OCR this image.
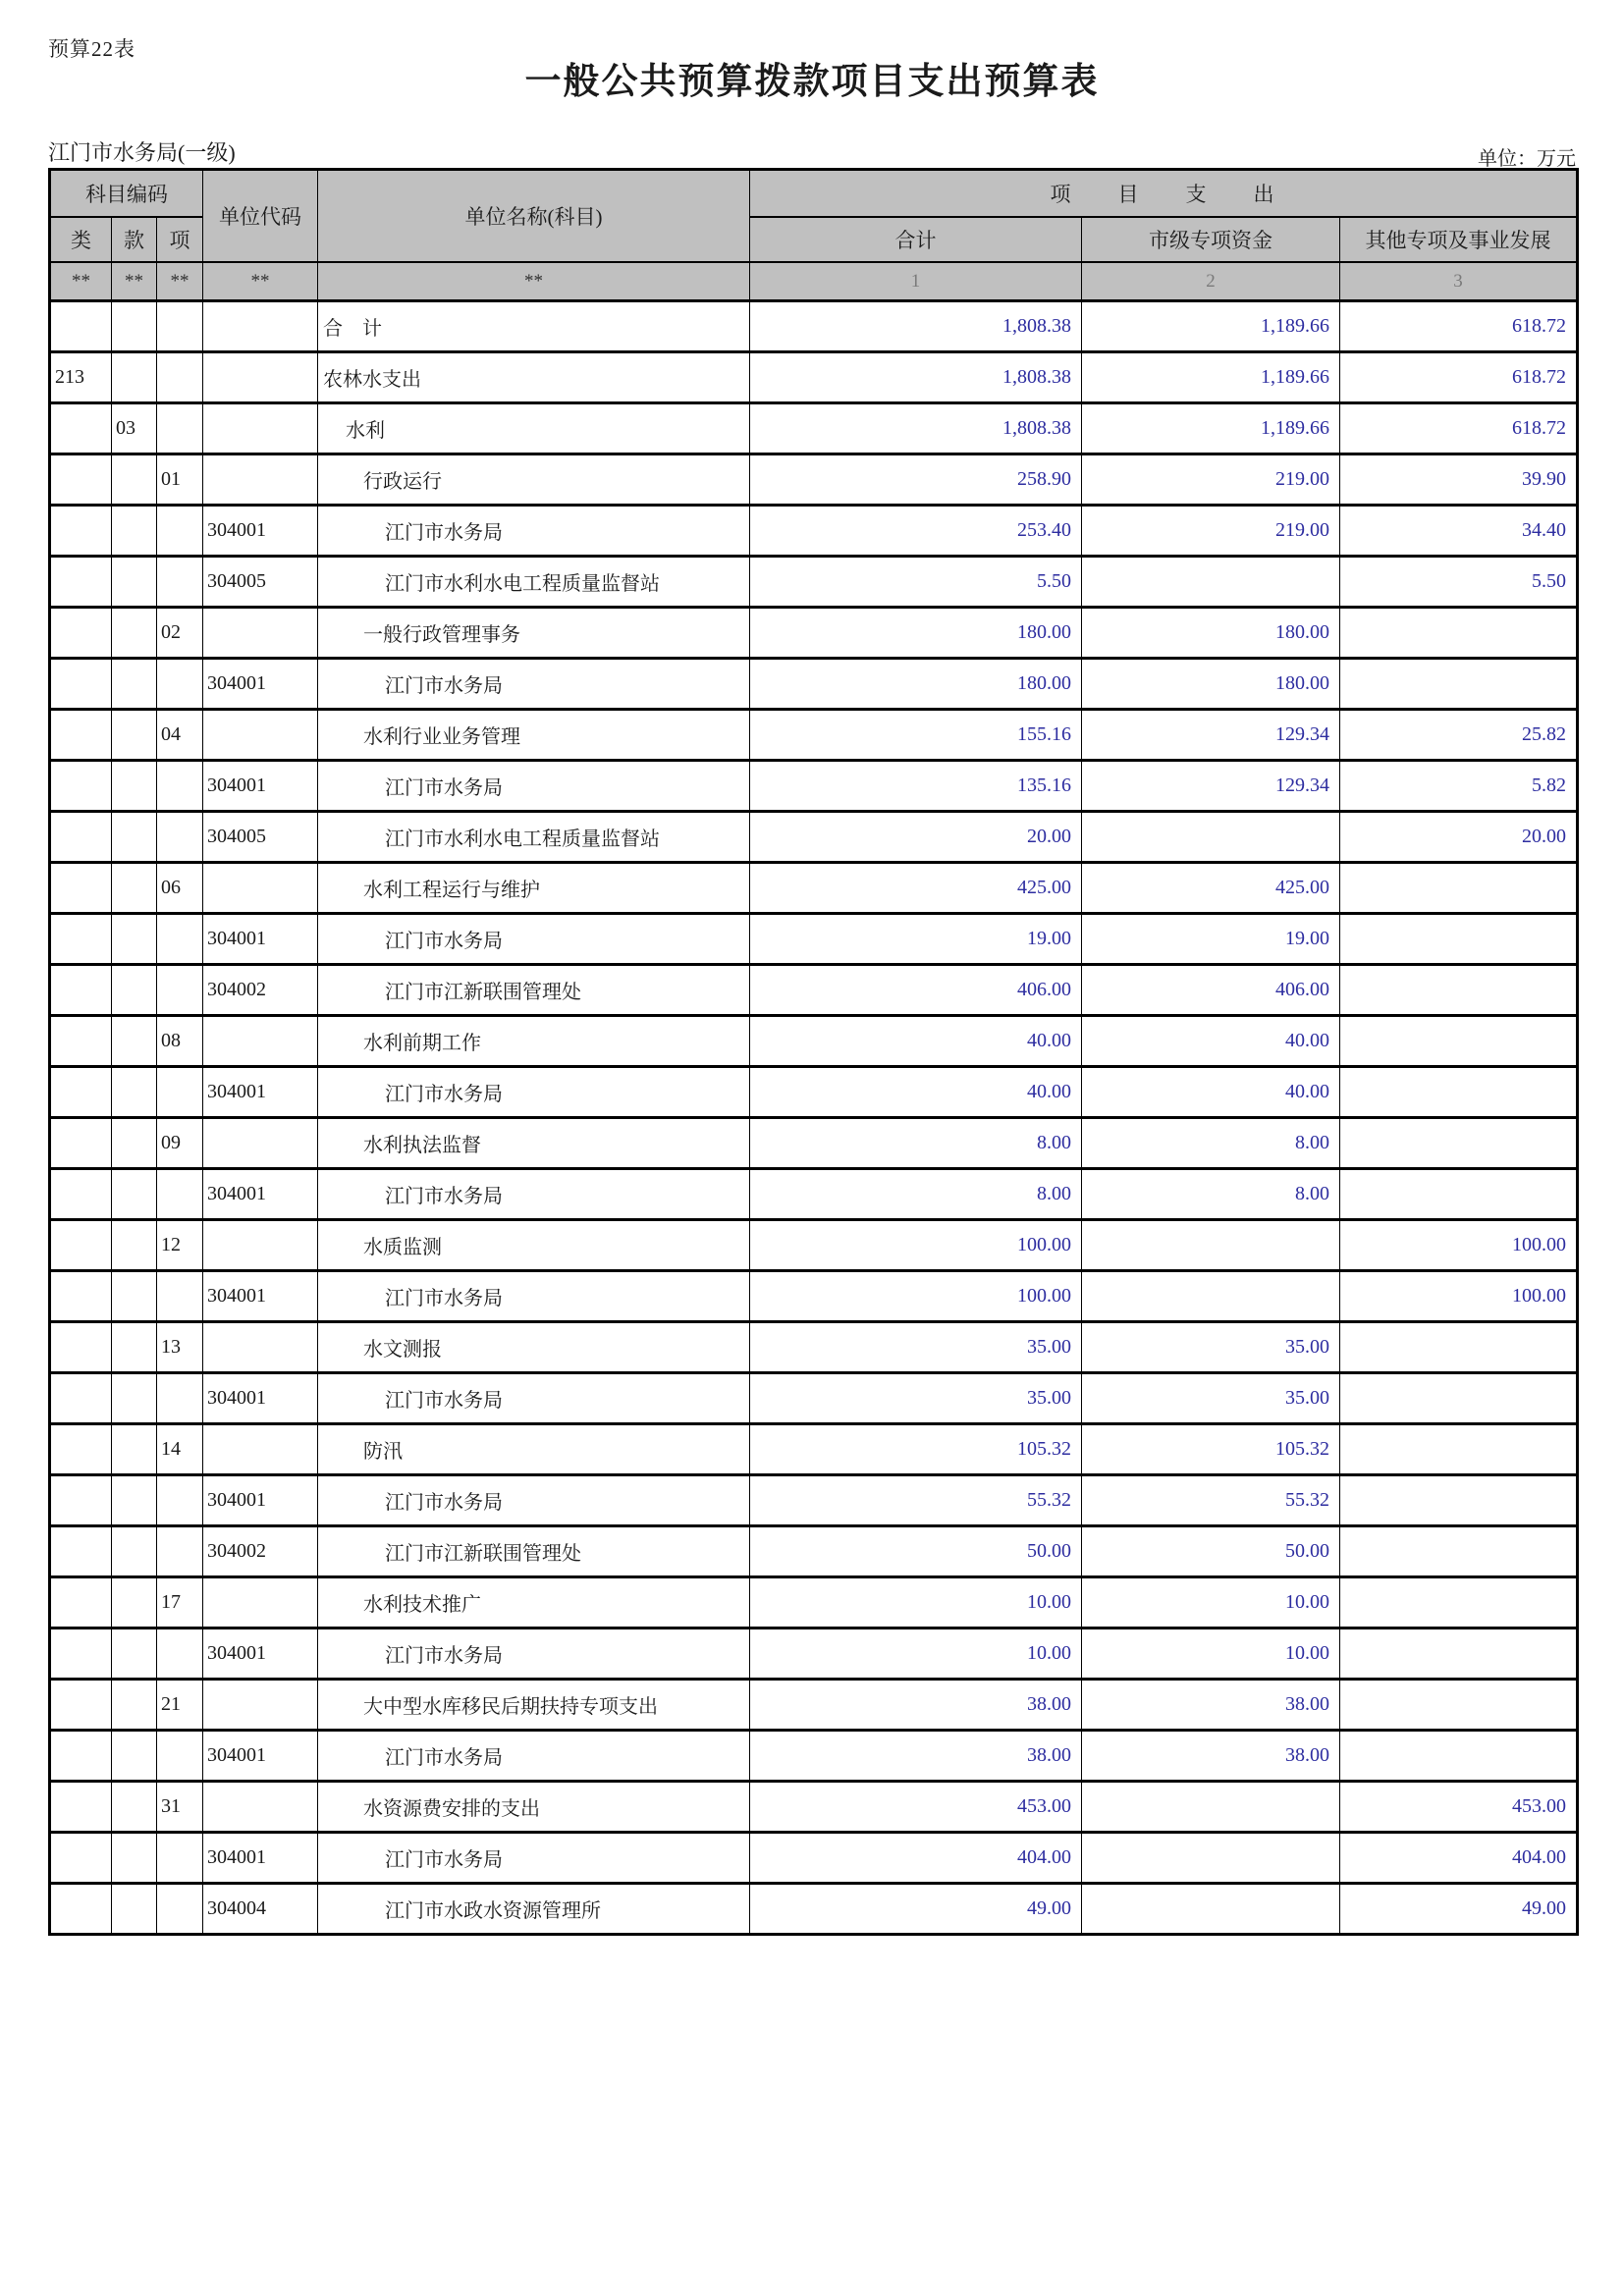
预算22表
一般公共预算拨款项目支出预算表
江门市水务局(一级)	单位：万元
科目编码			单位代码	单位名称(科目)	项　　目　　支　　出		
类	款	项			合计	市级专项资金	其他专项及事业发展
**	**	**	**	**	1	2	3
				合　计	1,808.38	1,189.66	618.72
213				农林水支出	1,808.38	1,189.66	618.72
	03			水利	1,808.38	1,189.66	618.72
		01		行政运行	258.90	219.00	39.90
			304001	江门市水务局	253.40	219.00	34.40
			304005	江门市水利水电工程质量监督站	5.50		5.50
		02		一般行政管理事务	180.00	180.00	
			304001	江门市水务局	180.00	180.00	
		04		水利行业业务管理	155.16	129.34	25.82
			304001	江门市水务局	135.16	129.34	5.82
			304005	江门市水利水电工程质量监督站	20.00		20.00
		06		水利工程运行与维护	425.00	425.00	
			304001	江门市水务局	19.00	19.00	
			304002	江门市江新联围管理处	406.00	406.00	
		08		水利前期工作	40.00	40.00	
			304001	江门市水务局	40.00	40.00	
		09		水利执法监督	8.00	8.00	
			304001	江门市水务局	8.00	8.00	
		12		水质监测	100.00		100.00
			304001	江门市水务局	100.00		100.00
		13		水文测报	35.00	35.00	
			304001	江门市水务局	35.00	35.00	
		14		防汛	105.32	105.32	
			304001	江门市水务局	55.32	55.32	
			304002	江门市江新联围管理处	50.00	50.00	
		17		水利技术推广	10.00	10.00	
			304001	江门市水务局	10.00	10.00	
		21		大中型水库移民后期扶持专项支出	38.00	38.00	
			304001	江门市水务局	38.00	38.00	
		31		水资源费安排的支出	453.00		453.00
			304001	江门市水务局	404.00		404.00
			304004	江门市水政水资源管理所	49.00		49.00
